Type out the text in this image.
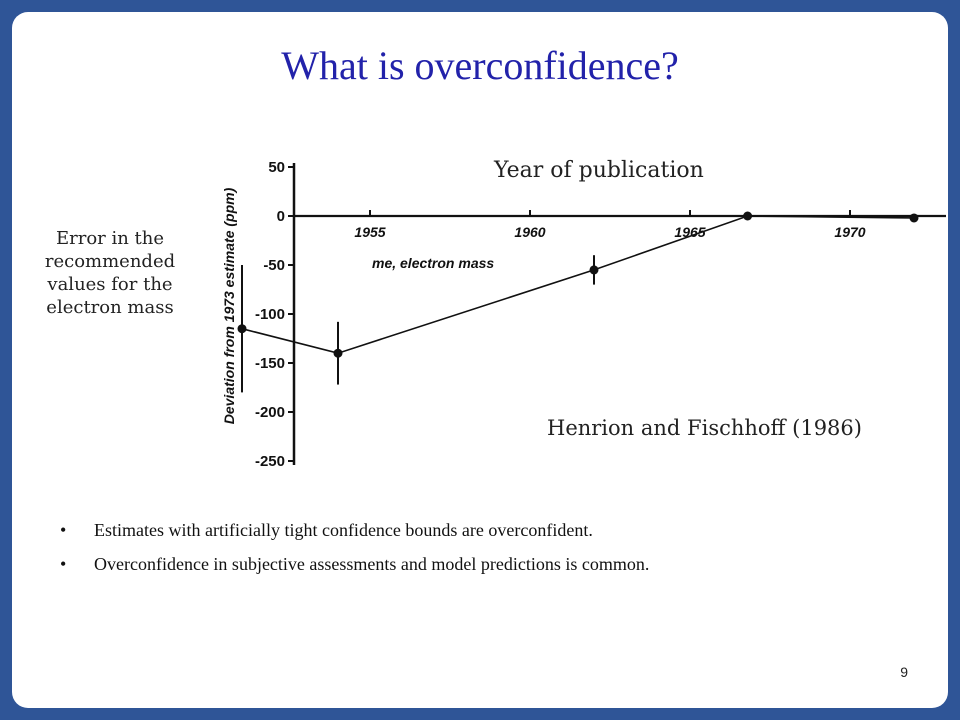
What is overconfidence?
Error in the recommended values for the electron mass
Year of publication
Henrion and Fischhoff (1986)
• Estimates with artificially tight confidence bounds are overconfident.
• Overconfidence in subjective assessments and model predictions is common.
9
Deviation from 1973 estimate (ppm)	me, electron mass
50
0
-50
-100
-150
-200
-250
1955	1960	1965	1970
